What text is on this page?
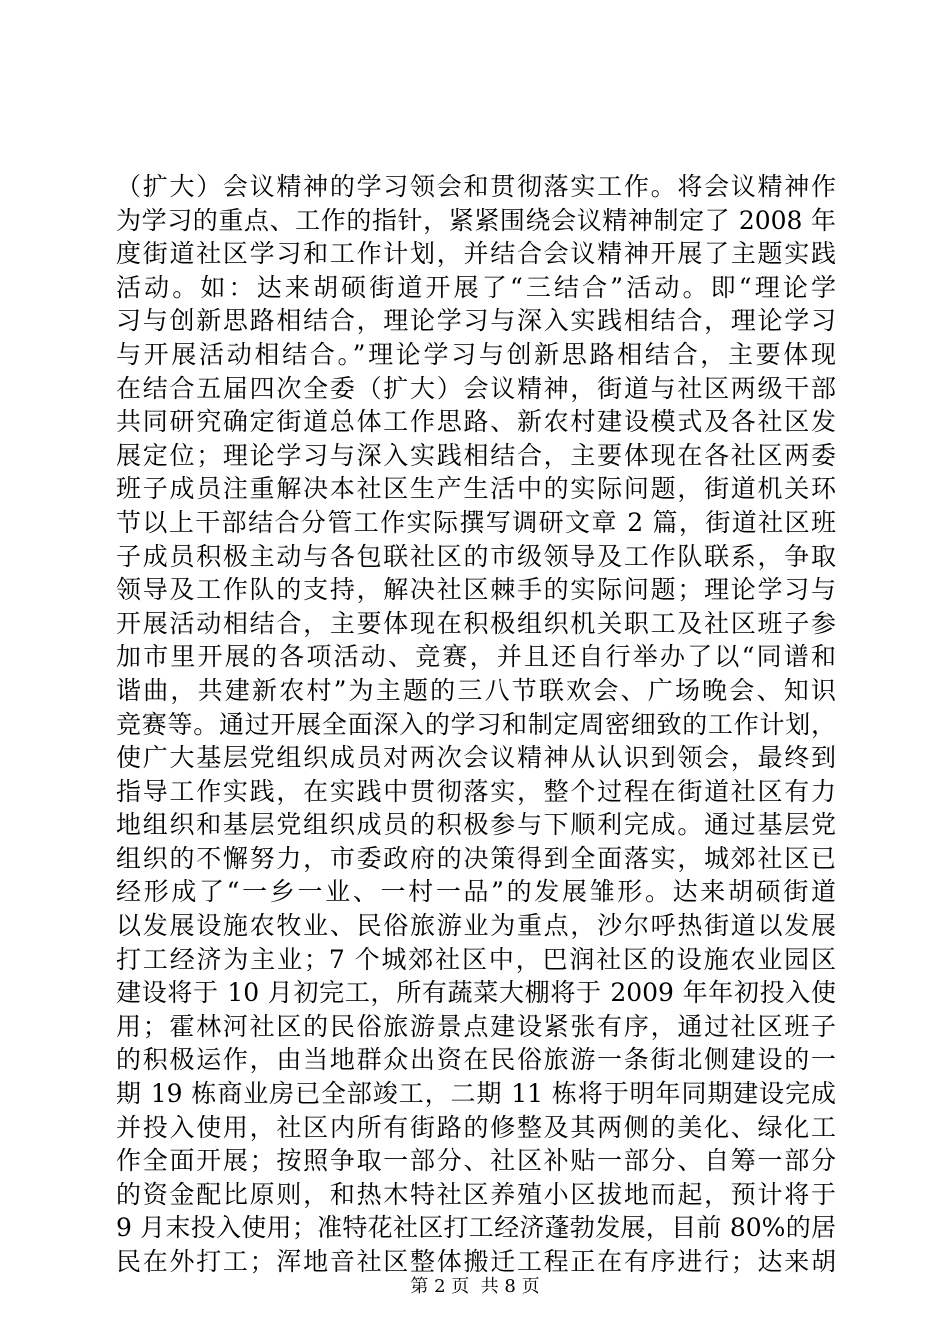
（扩大）会议精神的学习领会和贯彻落实工作。将会议精神作
为学习的重点、工作的指针，紧紧围绕会议精神制定了 2008 年
度街道社区学习和工作计划，并结合会议精神开展了主题实践
活动。如：达来胡硕街道开展了“三结合”活动。即“理论学
习与创新思路相结合，理论学习与深入实践相结合，理论学习
与开展活动相结合。”理论学习与创新思路相结合，主要体现
在结合五届四次全委（扩大）会议精神，街道与社区两级干部
共同研究确定街道总体工作思路、新农村建设模式及各社区发
展定位；理论学习与深入实践相结合，主要体现在各社区两委
班子成员注重解决本社区生产生活中的实际问题，街道机关环
节以上干部结合分管工作实际撰写调研文章 2 篇，街道社区班
子成员积极主动与各包联社区的市级领导及工作队联系，争取
领导及工作队的支持，解决社区棘手的实际问题；理论学习与
开展活动相结合，主要体现在积极组织机关职工及社区班子参
加市里开展的各项活动、竞赛，并且还自行举办了以“同谱和
谐曲，共建新农村”为主题的三八节联欢会、广场晚会、知识
竞赛等。通过开展全面深入的学习和制定周密细致的工作计划，
使广大基层党组织成员对两次会议精神从认识到领会，最终到
指导工作实践，在实践中贯彻落实，整个过程在街道社区有力
地组织和基层党组织成员的积极参与下顺利完成。通过基层党
组织的不懈努力，市委政府的决策得到全面落实，城郊社区已
经形成了“一乡一业、一村一品”的发展雏形。达来胡硕街道
以发展设施农牧业、民俗旅游业为重点，沙尔呼热街道以发展
打工经济为主业；7 个城郊社区中，巴润社区的设施农业园区
建设将于 10 月初完工，所有蔬菜大棚将于 2009 年年初投入使
用；霍林河社区的民俗旅游景点建设紧张有序，通过社区班子
的积极运作，由当地群众出资在民俗旅游一条街北侧建设的一
期 19 栋商业房已全部竣工，二期 11 栋将于明年同期建设完成
并投入使用，社区内所有街路的修整及其两侧的美化、绿化工
作全面开展；按照争取一部分、社区补贴一部分、自筹一部分
的资金配比原则，和热木特社区养殖小区拔地而起，预计将于
9 月末投入使用；准特花社区打工经济蓬勃发展，目前 80%的居
民在外打工；浑地音社区整体搬迁工程正在有序进行；达来胡
第 2 页  共 8 页
